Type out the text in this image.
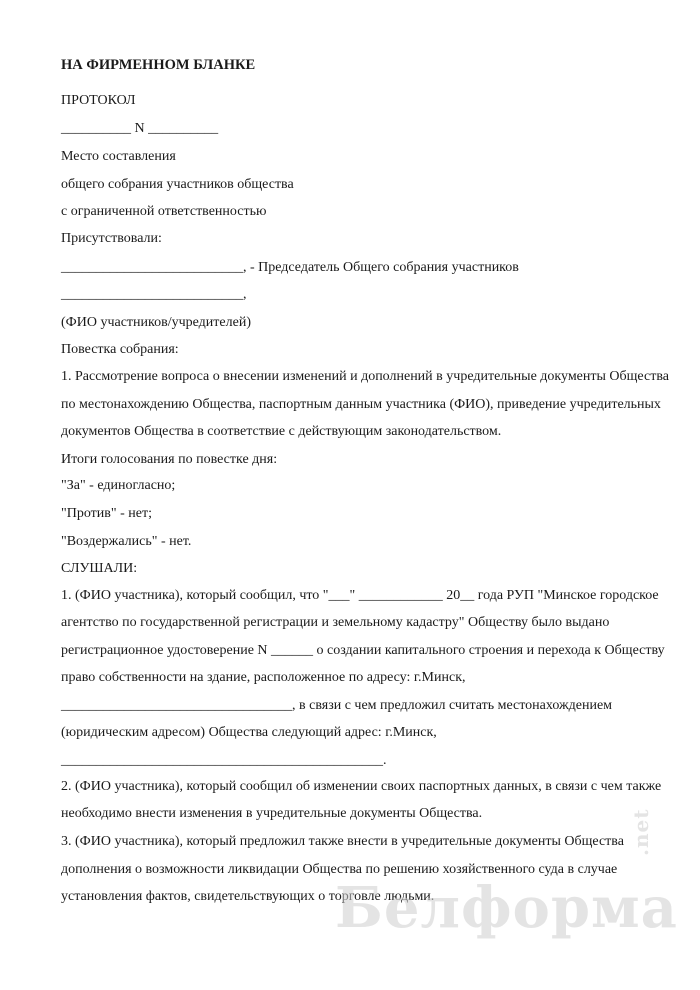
НА ФИРМЕННОМ БЛАНКЕ
ПРОТОКОЛ
__________ N __________
Место составления
общего собрания участников общества
с ограниченной ответственностью
Присутствовали:
__________________________, - Председатель Общего собрания участников
__________________________,
(ФИО участников/учредителей)
Повестка собрания:
1. Рассмотрение вопроса о внесении изменений и дополнений в учредительные документы Общества
по местонахождению Общества, паспортным данным участника (ФИО), приведение учредительных
документов Общества в соответствие с действующим законодательством.
Итоги голосования по повестке дня:
"За" - единогласно;
"Против" - нет;
"Воздержались" - нет.
СЛУШАЛИ:
1. (ФИО участника), который сообщил, что "___" ____________ 20__ года РУП "Минское городское
агентство по государственной регистрации и земельному кадастру" Обществу было выдано
регистрационное удостоверение N ______ о создании капитального строения и перехода к Обществу
право собственности на здание, расположенное по адресу: г.Минск,
_________________________________, в связи с чем предложил считать местонахождением
(юридическим адресом) Общества следующий адрес: г.Минск,
______________________________________________.
2. (ФИО участника), который сообщил об изменении своих паспортных данных, в связи с чем также
необходимо внести изменения в учредительные документы Общества.
3. (ФИО участника), который предложил также внести в учредительные документы Общества
дополнения о возможности ликвидации Общества по решению хозяйственного суда в случае
установления фактов, свидетельствующих о торговле людьми.
Белформа
.net
